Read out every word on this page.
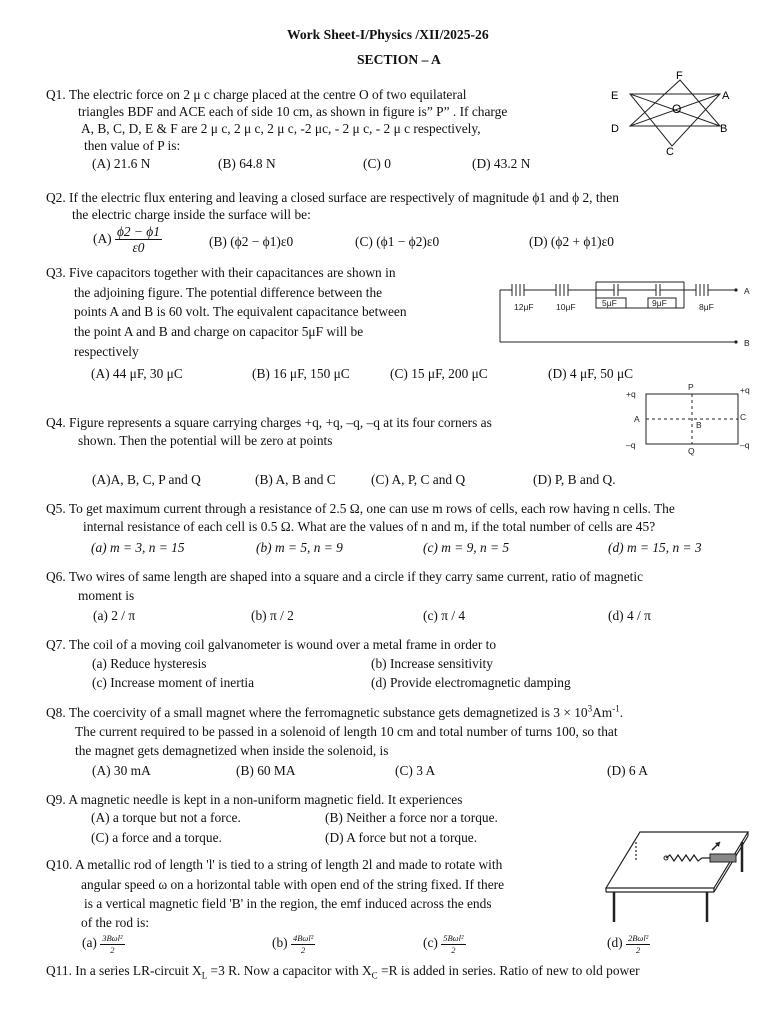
Work Sheet-I/Physics /XII/2025-26
SECTION – A
Q1. The electric force on 2 μ c charge placed at the centre O of two equilateral
triangles BDF and ACE each of side 10 cm, as shown in figure is” P” . If charge
A, B, C, D, E & F are 2 μ c, 2 μ c, 2 μ c, -2 μc, - 2 μ c, - 2 μ c respectively,
then value of P is:
(A) 21.6 N	(B) 64.8 N	(C) 0	(D) 43.2 N
O
F
E	A
D	B
C
Q2. If the electric flux entering and leaving a closed surface are respectively of magnitude ϕ1 and ϕ 2, then
the electric charge inside the surface will be:
$(A) \frac{\phi 2 - \phi 1}{\varepsilon 0}$	(B) (ϕ2 − ϕ1)ε0	(C) (ϕ1 − ϕ2)ε0	(D) (ϕ2 + ϕ1)ε0
Q3. Five capacitors together with their capacitances are shown in
the adjoining figure. The potential difference between the
points A and B is 60 volt. The equivalent capacitance between
the point A and B and charge on capacitor 5μF will be
respectively
(A) 44 μF, 30 μC	(B) 16 μF, 150 μC	(C) 15 μF, 200 μC	(D) 4 μF, 50 μC
12μF	10μF	5μF	9μF	8μF
A
B
Q4. Figure represents a square carrying charges +q, +q, –q, –q at its four corners as
shown. Then the potential will be zero at points
(A)A, B, C, P and Q	(B) A, B and C	(C) A, P, C and Q	(D) P, B and Q.
+q	+q
–q	–q
P
Q
A
B
C
Q5. To get maximum current through a resistance of 2.5 Ω, one can use m rows of cells, each row having n cells. The
internal resistance of each cell is 0.5 Ω. What are the values of n and m, if the total number of cells are 45?
(a) m = 3, n = 15	(b) m = 5, n = 9	(c) m = 9, n = 5	(d) m = 15, n = 3
Q6. Two wires of same length are shaped into a square and a circle if they carry same current, ratio of magnetic
moment is
(a) 2 / π	(b) π / 2	(c) π / 4	(d) 4 / π
Q7. The coil of a moving coil galvanometer is wound over a metal frame in order to
(a) Reduce hysteresis	(b) Increase sensitivity
(c) Increase moment of inertia	(d) Provide electromagnetic damping
Q8. The coercivity of a small magnet where the ferromagnetic substance gets demagnetized is $3 \times 10^3Am^{-1}$.
The current required to be passed in a solenoid of length 10 cm and total number of turns 100, so that
the magnet gets demagnetized when inside the solenoid, is
(A) 30 mA	(B) 60 MA	(C) 3 A	(D) 6 A
Q9. A magnetic needle is kept in a non-uniform magnetic field. It experiences
(A) a torque but not a force.	(B) Neither a force nor a torque.
(C) a force and a torque.	(D) A force but not a torque.
Q10. A metallic rod of length 'l' is tied to a string of length 2l and made to rotate with
angular speed ω on a horizontal table with open end of the string fixed. If there
is a vertical magnetic field 'B' in the region, the emf induced across the ends
of the rod is:
$(a) \frac{\text{3Bωl²}}{2}$	$(b) \frac{\text{4Bωl²}}{2}$	$(c) \frac{\text{5Bωl²}}{2}$	$(d) \frac{\text{2Bωl²}}{2}$
Q11. In a series LR-circuit $X_L =3$ R. Now a capacitor with $X_C =R$ is added in series. Ratio of new to old power
